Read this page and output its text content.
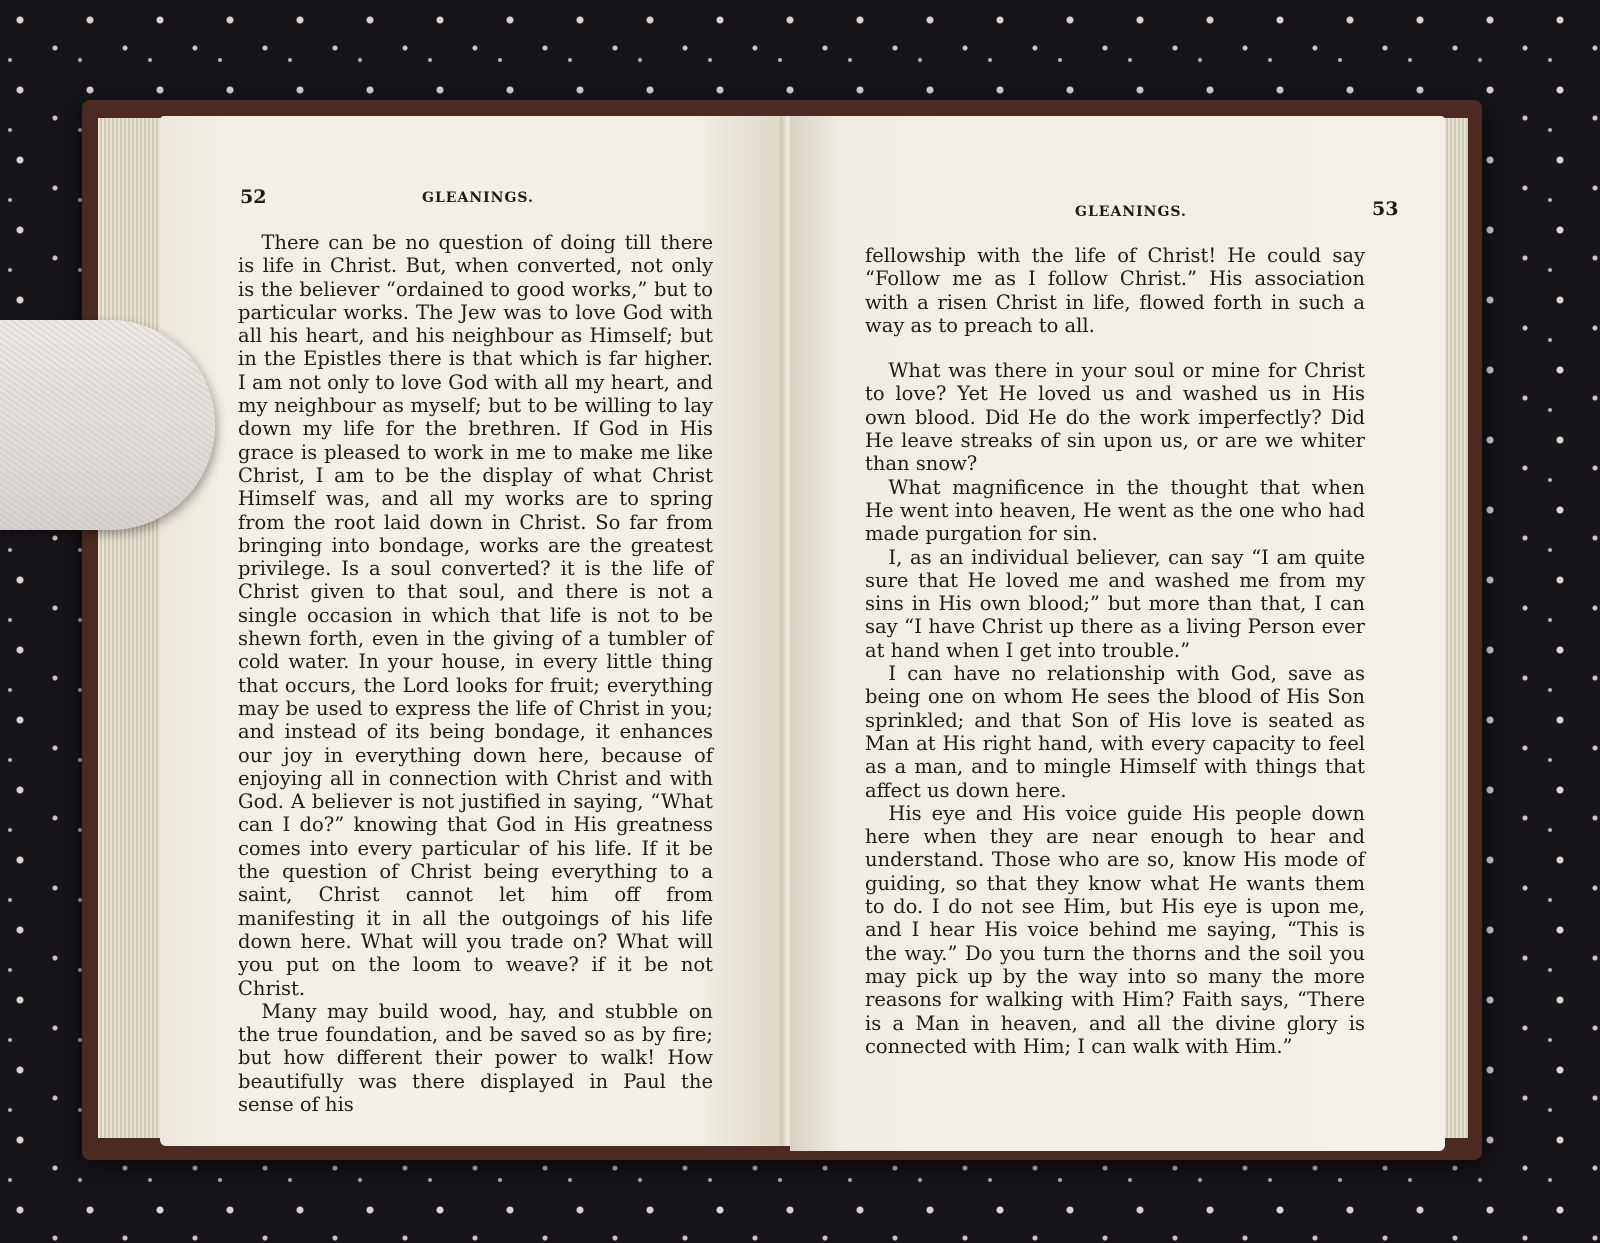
52	GLEANINGS.

There can be no question of doing till there is life in Christ. But, when converted, not only is the believer “ordained to good works,” but to particular works. The Jew was to love God with all his heart, and his neighbour as Himself; but in the Epistles there is that which is far higher. I am not only to love God with all my heart, and my neighbour as myself; but to be willing to lay down my life for the brethren. If God in His grace is pleased to work in me to make me like Christ, I am to be the display of what Christ Himself was, and all my works are to spring from the root laid down in Christ. So far from bringing into bondage, works are the greatest privilege. Is a soul converted? it is the life of Christ given to that soul, and there is not a single occasion in which that life is not to be shewn forth, even in the giving of a tumbler of cold water. In your house, in every little thing that occurs, the Lord looks for fruit; everything may be used to express the life of Christ in you; and instead of its being bondage, it enhances our joy in everything down here, because of enjoying all in connection with Christ and with God. A believer is not justified in saying, “What can I do?” knowing that God in His greatness comes into every particular of his life. If it be the question of Christ being everything to a saint, Christ cannot let him off from manifesting it in all the outgoings of his life down here. What will you trade on? What will you put on the loom to weave? if it be not Christ.

Many may build wood, hay, and stubble on the true foundation, and be saved so as by fire; but how different their power to walk! How beautifully was there displayed in Paul the sense of his

GLEANINGS.	53

fellowship with the life of Christ! He could say “Follow me as I follow Christ.” His association with a risen Christ in life, flowed forth in such a way as to preach to all.

What was there in your soul or mine for Christ to love? Yet He loved us and washed us in His own blood. Did He do the work imperfectly? Did He leave streaks of sin upon us, or are we whiter than snow?

What magnificence in the thought that when He went into heaven, He went as the one who had made purgation for sin.

I, as an individual believer, can say “I am quite sure that He loved me and washed me from my sins in His own blood;” but more than that, I can say “I have Christ up there as a living Person ever at hand when I get into trouble.”

I can have no relationship with God, save as being one on whom He sees the blood of His Son sprinkled; and that Son of His love is seated as Man at His right hand, with every capacity to feel as a man, and to mingle Himself with things that affect us down here.

His eye and His voice guide His people down here when they are near enough to hear and understand. Those who are so, know His mode of guiding, so that they know what He wants them to do. I do not see Him, but His eye is upon me, and I hear His voice behind me saying, “This is the way.” Do you turn the thorns and the soil you may pick up by the way into so many the more reasons for walking with Him? Faith says, “There is a Man in heaven, and all the divine glory is connected with Him; I can walk with Him.”
